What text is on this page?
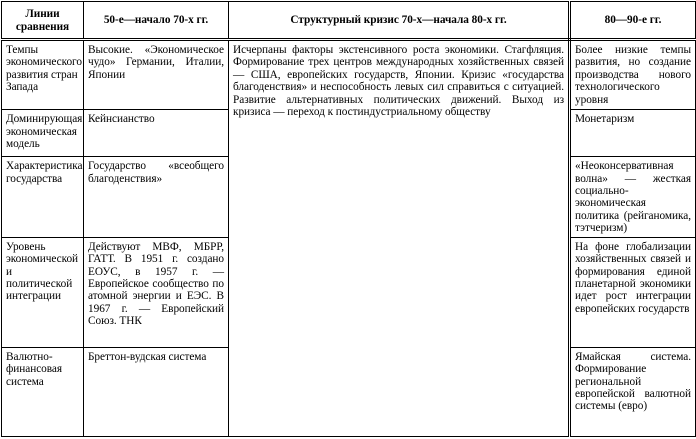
Линии сравнения	50-е—начало 70-х гг.	Структурный кризис 70-х—начала 80-х гг.	80—90-е гг.
Темпы экономического развития стран Запада	Высокие. «Экономическое чудо» Германии, Италии, Японии	Исчерпаны факторы экстенсивного роста экономики. Стагфляция. Формирование трех центров международных хозяйственных связей — США, европейских государств, Японии. Кризис «государства благоденствия» и неспособность левых сил справиться с ситуацией. Развитие альтернативных политических движений. Выход из кризиса — переход к постиндустриальному обществу	Более низкие темпы развития, но создание производства нового технологического уровня
Доминирующая экономическая модель	Кейнсианство		Монетаризм
Характеристика государства	Государство «всеобщего благоденствия»		«Неоконсервативная волна» — жесткая социально-экономическая политика (рейганомика, тэтчеризм)
Уровень экономической и политической интеграции	Действуют МВФ, МБРР, ГАТТ. В 1951 г. создано ЕОУС, в 1957 г. — Европейское сообщество по атомной энергии и ЕЭС. В 1967 г. — Европейский Союз. ТНК		На фоне глобализации хозяйственных связей и формирования единой планетарной экономики идет рост интеграции европейских государств
Валютно-финансовая система	Бреттон-вудская система		Ямайская система. Формирование региональной европейской валютной системы (евро)
